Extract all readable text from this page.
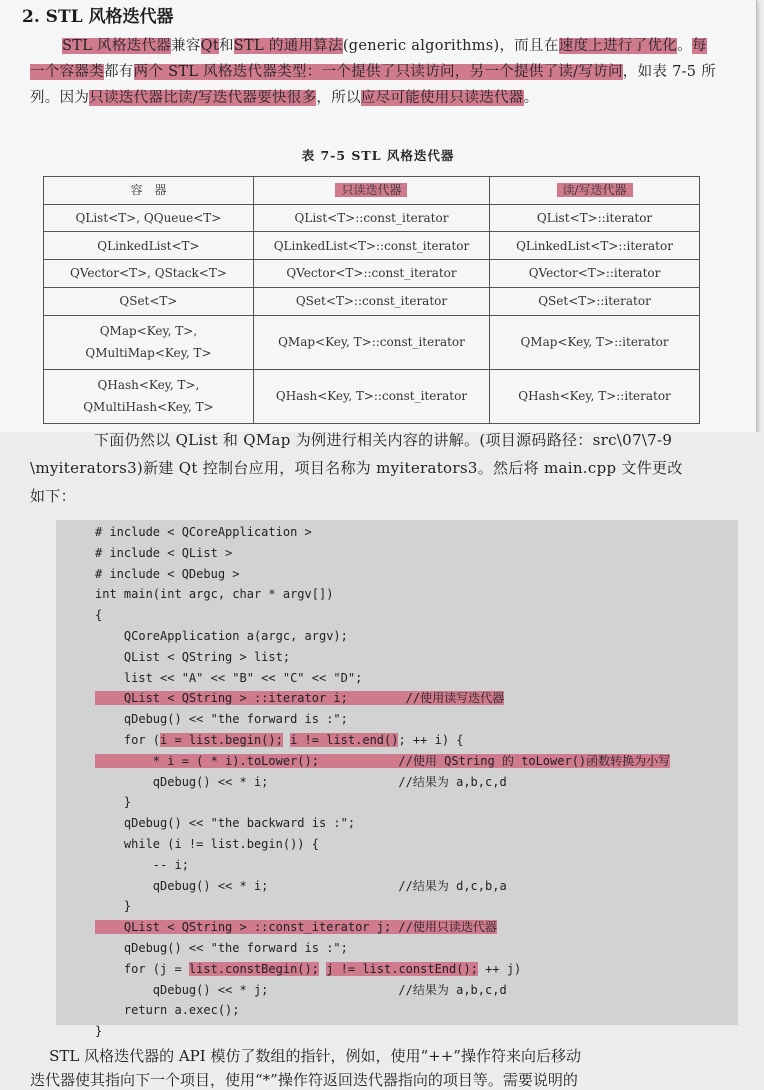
2. STL 风格迭代器
STL 风格迭代器兼容Qt和STL 的通用算法(generic algorithms)，而且在速度上进行了优化。每一个容器类都有两个 STL 风格迭代器类型：一个提供了只读访问，另一个提供了读/写访问，如表 7-5 所列。因为只读迭代器比读/写迭代器要快很多，所以应尽可能使用只读迭代器。
表 7-5 STL 风格迭代器
容　器	只读迭代器	读/写迭代器
QList<T>, QQueue<T>	QList<T>::const_iterator	QList<T>::iterator
QLinkedList<T>	QLinkedList<T>::const_iterator	QLinkedList<T>::iterator
QVector<T>, QStack<T>	QVector<T>::const_iterator	QVector<T>::iterator
QSet<T>	QSet<T>::const_iterator	QSet<T>::iterator

QMap<Key, T>,
QMultiMap<Key, T>	QMap<Key, T>::const_iterator	QMap<Key, T>::iterator

QHash<Key, T>,
QMultiHash<Key, T>	QHash<Key, T>::const_iterator	QHash<Key, T>::iterator
下面仍然以 QList 和 QMap 为例进行相关内容的讲解。(项目源码路径：src\07\7-9
\myiterators3)新建 Qt 控制台应用，项目名称为 myiterators3。然后将 main.cpp 文件更改
如下：
# include < QCoreApplication >
# include < QList >
# include < QDebug >
int main(int argc, char * argv[])
{
QCoreApplication a(argc, argv);
QList < QString > list;
list << "A" << "B" << "C" << "D";
QList < QString > ::iterator i;        //使用读写迭代器
qDebug() << "the forward is :";
for (i = list.begin(); i != list.end(); ++ i) {
* i = ( * i).toLower();           //使用 QString 的 toLower()函数转换为小写
qDebug() << * i;                  //结果为 a,b,c,d
}
qDebug() << "the backward is :";
while (i != list.begin()) {
-- i;
qDebug() << * i;                  //结果为 d,c,b,a
}
QList < QString > ::const_iterator j; //使用只读迭代器
qDebug() << "the forward is :";
for (j = list.constBegin(); j != list.constEnd(); ++ j)
qDebug() << * j;                  //结果为 a,b,c,d
return a.exec();
}
STL 风格迭代器的 API 模仿了数组的指针，例如，使用“++”操作符来向后移动
迭代器使其指向下一个项目，使用“*”操作符返回迭代器指向的项目等。需要说明的
